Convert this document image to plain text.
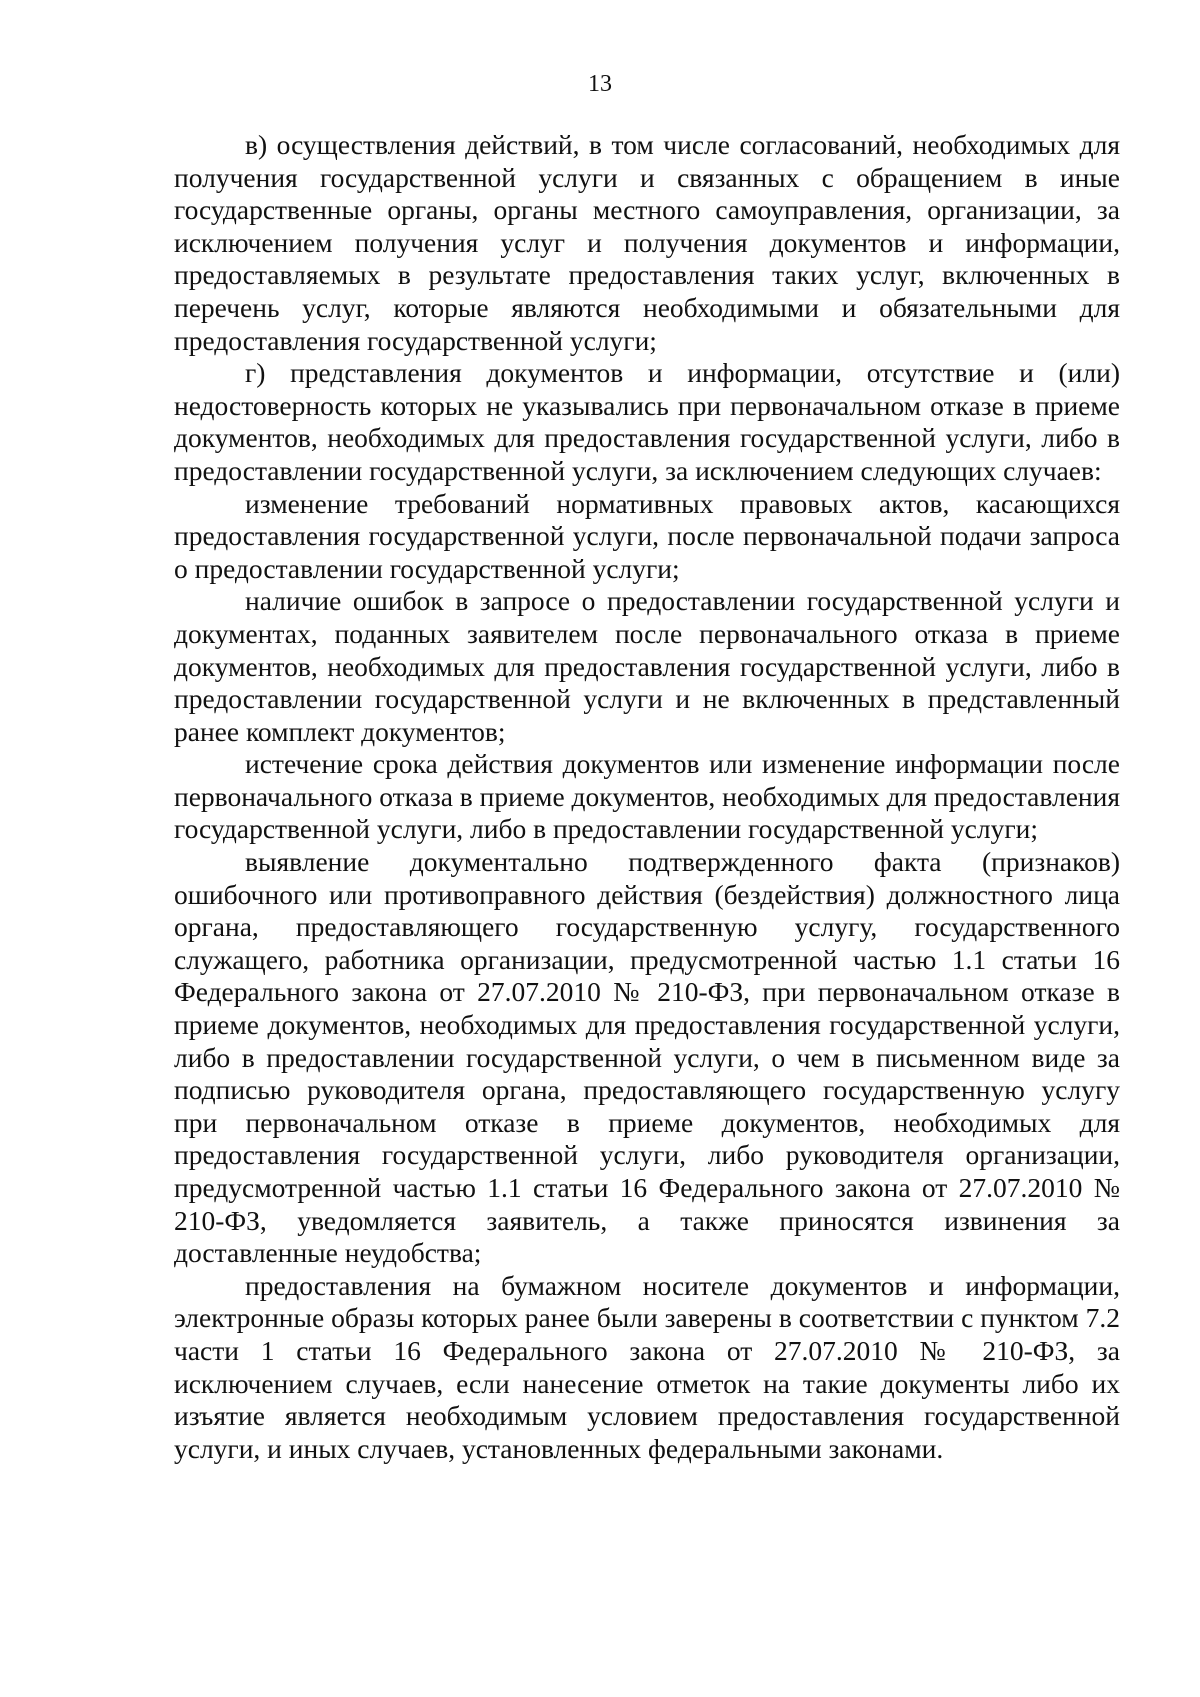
13

в) осуществления действий, в том числе согласований, необходимых для получения государственной услуги и связанных с обращением в иные государственные органы, органы местного самоуправления, организации, за исключением получения услуг и получения документов и информации, предоставляемых в результате предоставления таких услуг, включенных в перечень услуг, которые являются необходимыми и обязательными для предоставления государственной услуги;

г) представления документов и информации, отсутствие и (или) недостоверность которых не указывались при первоначальном отказе в приеме документов, необходимых для предоставления государственной услуги, либо в предоставлении государственной услуги, за исключением следующих случаев:

изменение требований нормативных правовых актов, касающихся предоставления государственной услуги, после первоначальной подачи запроса о предоставлении государственной услуги;

наличие ошибок в запросе о предоставлении государственной услуги и документах, поданных заявителем после первоначального отказа в приеме документов, необходимых для предоставления государственной услуги, либо в предоставлении государственной услуги и не включенных в представленный ранее комплект документов;

истечение срока действия документов или изменение информации после первоначального отказа в приеме документов, необходимых для предоставления государственной услуги, либо в предоставлении государственной услуги;

выявление документально подтвержденного факта (признаков) ошибочного или противоправного действия (бездействия) должностного лица органа, предоставляющего государственную услугу, государственного служащего, работника организации, предусмотренной частью 1.1 статьи 16 Федерального закона от 27.07.2010 № 210-ФЗ, при первоначальном отказе в приеме документов, необходимых для предоставления государственной услуги, либо в предоставлении государственной услуги, о чем в письменном виде за подписью руководителя органа, предоставляющего государственную услугу при первоначальном отказе в приеме документов, необходимых для предоставления государственной услуги, либо руководителя организации, предусмотренной частью 1.1 статьи 16 Федерального закона от 27.07.2010 № 210-ФЗ, уведомляется заявитель, а также приносятся извинения за доставленные неудобства;

предоставления на бумажном носителе документов и информации, электронные образы которых ранее были заверены в соответствии с пунктом 7.2 части 1 статьи 16 Федерального закона от 27.07.2010 № 210-ФЗ, за исключением случаев, если нанесение отметок на такие документы либо их изъятие является необходимым условием предоставления государственной услуги, и иных случаев, установленных федеральными законами.
